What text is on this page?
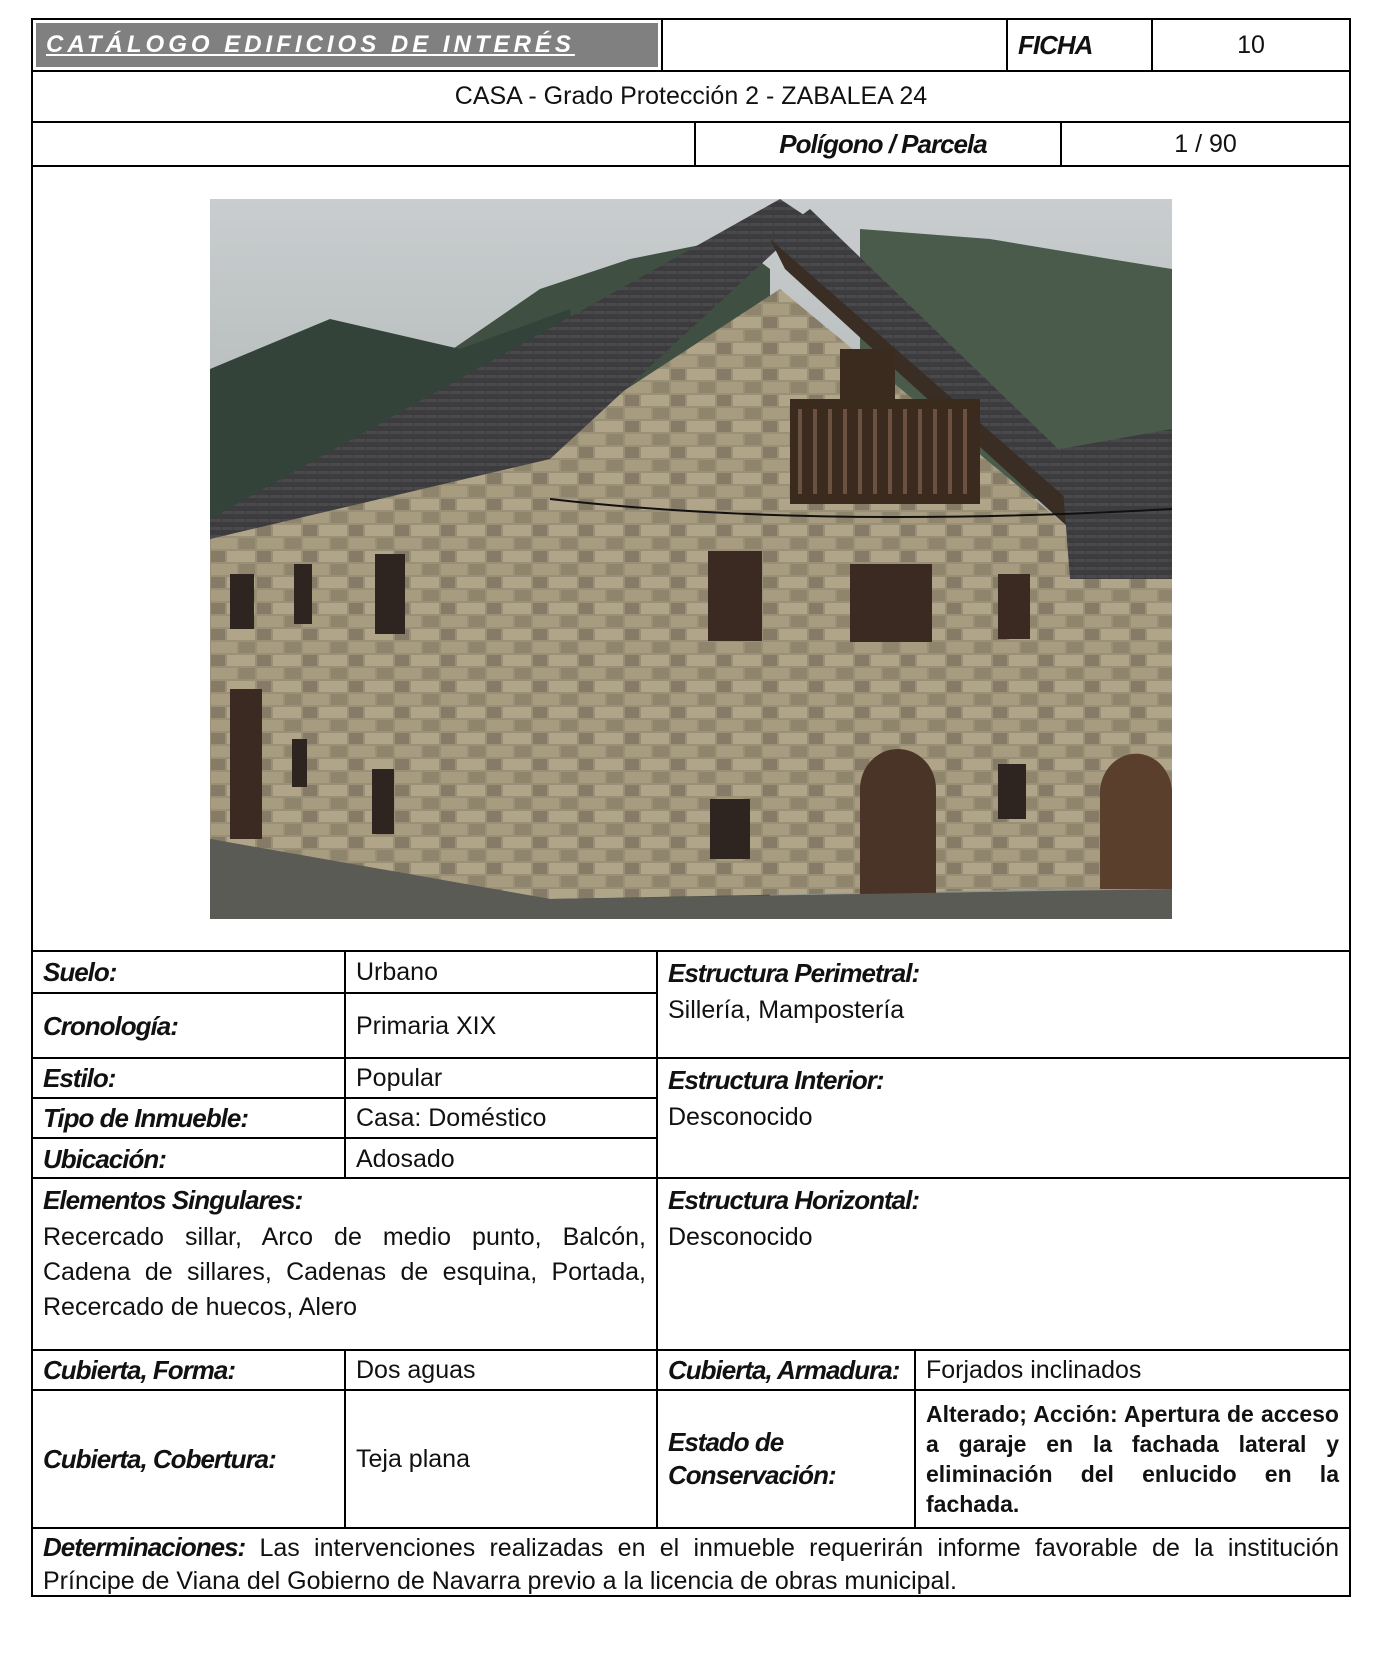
CATÁLOGO EDIFICIOS DE INTERÉS	FICHA	10
CASA - Grado Protección 2 - ZABALEA 24
Polígono / Parcela	1 / 90
Suelo:	Urbano
Cronología:	Primaria XIX
Estructura Perimetral:
Sillería, Mampostería
Estilo:	Popular
Tipo de Inmueble:	Casa: Doméstico
Ubicación:	Adosado
Estructura Interior:
Desconocido
Elementos Singulares:
Recercado sillar, Arco de medio punto, Balcón, Cadena de sillares, Cadenas de esquina, Portada, Recercado de huecos, Alero
Estructura Horizontal:
Desconocido
Cubierta, Forma:	Dos aguas	Cubierta, Armadura:	Forjados inclinados
Cubierta, Cobertura:	Teja plana
Estado de Conservación:
Alterado; Acción: Apertura de acceso a garaje en la fachada lateral y eliminación del enlucido en la fachada.
Determinaciones: Las intervenciones realizadas en el inmueble requerirán informe favorable de la institución Príncipe de Viana del Gobierno de Navarra previo a la licencia de obras municipal.
